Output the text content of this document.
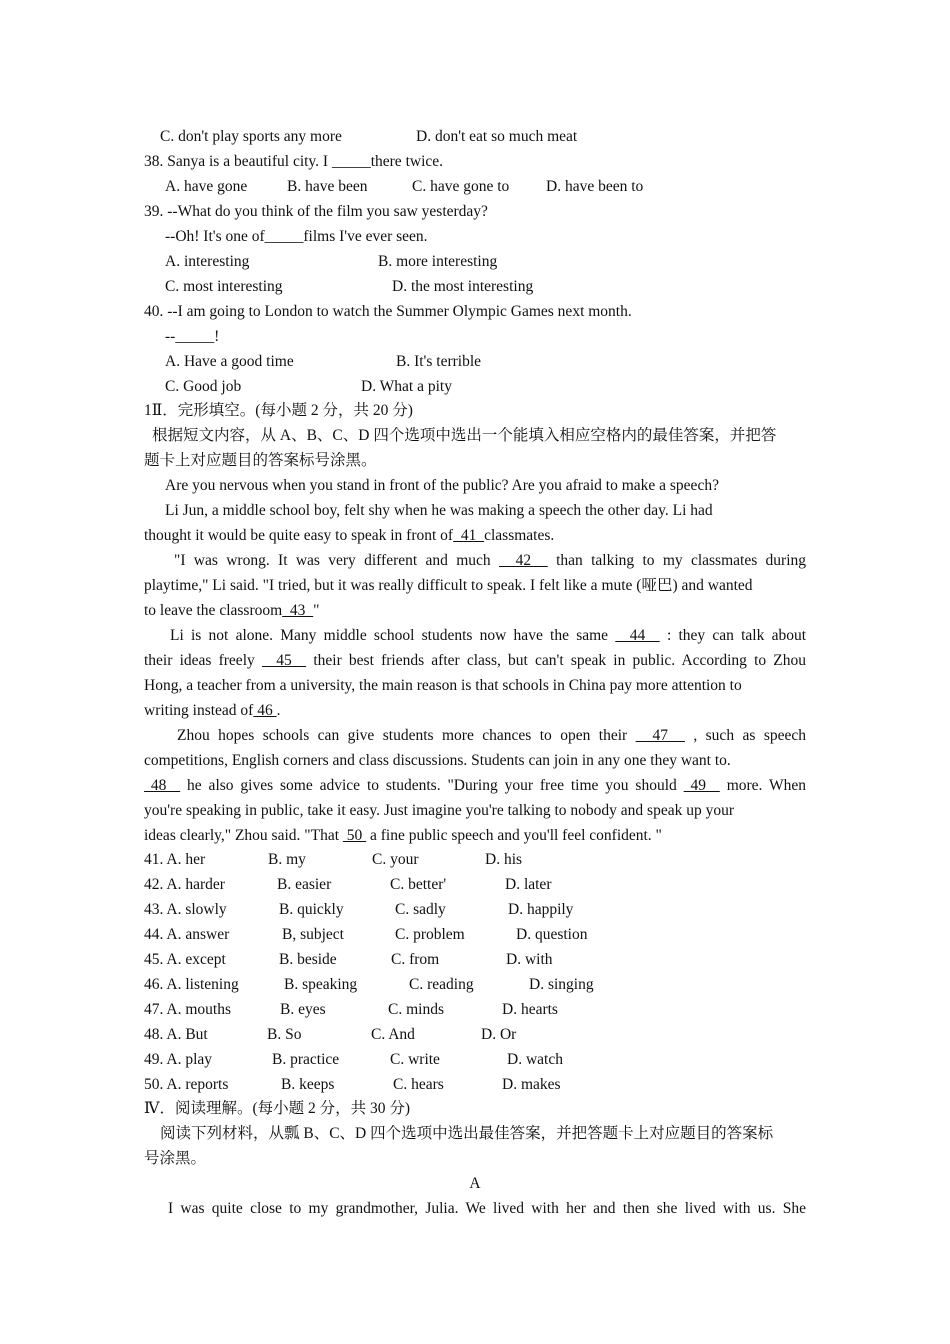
C. don't play sports any more	D. don't eat so much meat
38. Sanya is a beautiful city. I _____there twice.
A. have gone	B. have been	C. have gone to D. have been to
39. --What do you think of the film you saw yesterday?
--Oh! It's one of_____films I've ever seen.
A. interesting	B. more interesting
C. most interesting	D. the most interesting
40. --I am going to London to watch the Summer Olympic Games next month.
--_____!
A. Have a good time	B. It's terrible
C. Good job	D. What a pity
1Ⅱ．完形填空。(每小题 2 分，共 20 分)
根据短文内容，从 A、B、C、D 四个选项中选出一个能填入相应空格内的最佳答案，并把答
题卡上对应题目的答案标号涂黑。
Are you nervous when you stand in front of the public? Are you afraid to make a speech?
Li Jun, a middle school boy, felt shy when he was making a speech the other day. Li had
thought it would be quite easy to speak in front of  41  classmates.
"I was wrong. It was very different and much   42   than talking to my classmates during
playtime," Li said. "I tried, but it was really difficult to speak. I felt like a mute (哑巴) and wanted
to leave the classroom  43  "
Li is not alone. Many middle school students now have the same   44   : they can talk about
their ideas freely   45   their best friends after class, but can't speak in public. According to Zhou
Hong, a teacher from a university, the main reason is that schools in China pay more attention to
writing instead of 46 .
Zhou hopes schools can give students more chances to open their   47   , such as speech
competitions, English corners and class discussions. Students can join in any one they want to.
48   he also gives some advice to students. "During your free time you should  49   more. When
you're speaking in public, take it easy. Just imagine you're talking to nobody and speak up your
ideas clearly," Zhou said. "That  50  a fine public speech and you'll feel confident. "
41. A. her	B. my	C. your	D. his
42. A. harder	B. easier	C. better'	D. later
43. A. slowly	B. quickly	C. sadly	D. happily
44. A. answer	B, subject	C. problem	D. question
45. A. except	B. beside	C. from	D. with
46. A. listening	B. speaking	C. reading	D. singing
47. A. mouths	B. eyes	C. minds	D. hearts
48. A. But	B. So	C. And	D. Or
49. A. play	B. practice	C. write	D. watch
50. A. reports	B. keeps	C. hears	D. makes
Ⅳ．阅读理解。(每小题 2 分，共 30 分)
阅读下列材料，从瓢 B、C、D 四个选项中选出最佳答案，并把答题卡上对应题目的答案标
号涂黑。
A
I was quite close to my grandmother, Julia. We lived with her and then she lived with us. She
